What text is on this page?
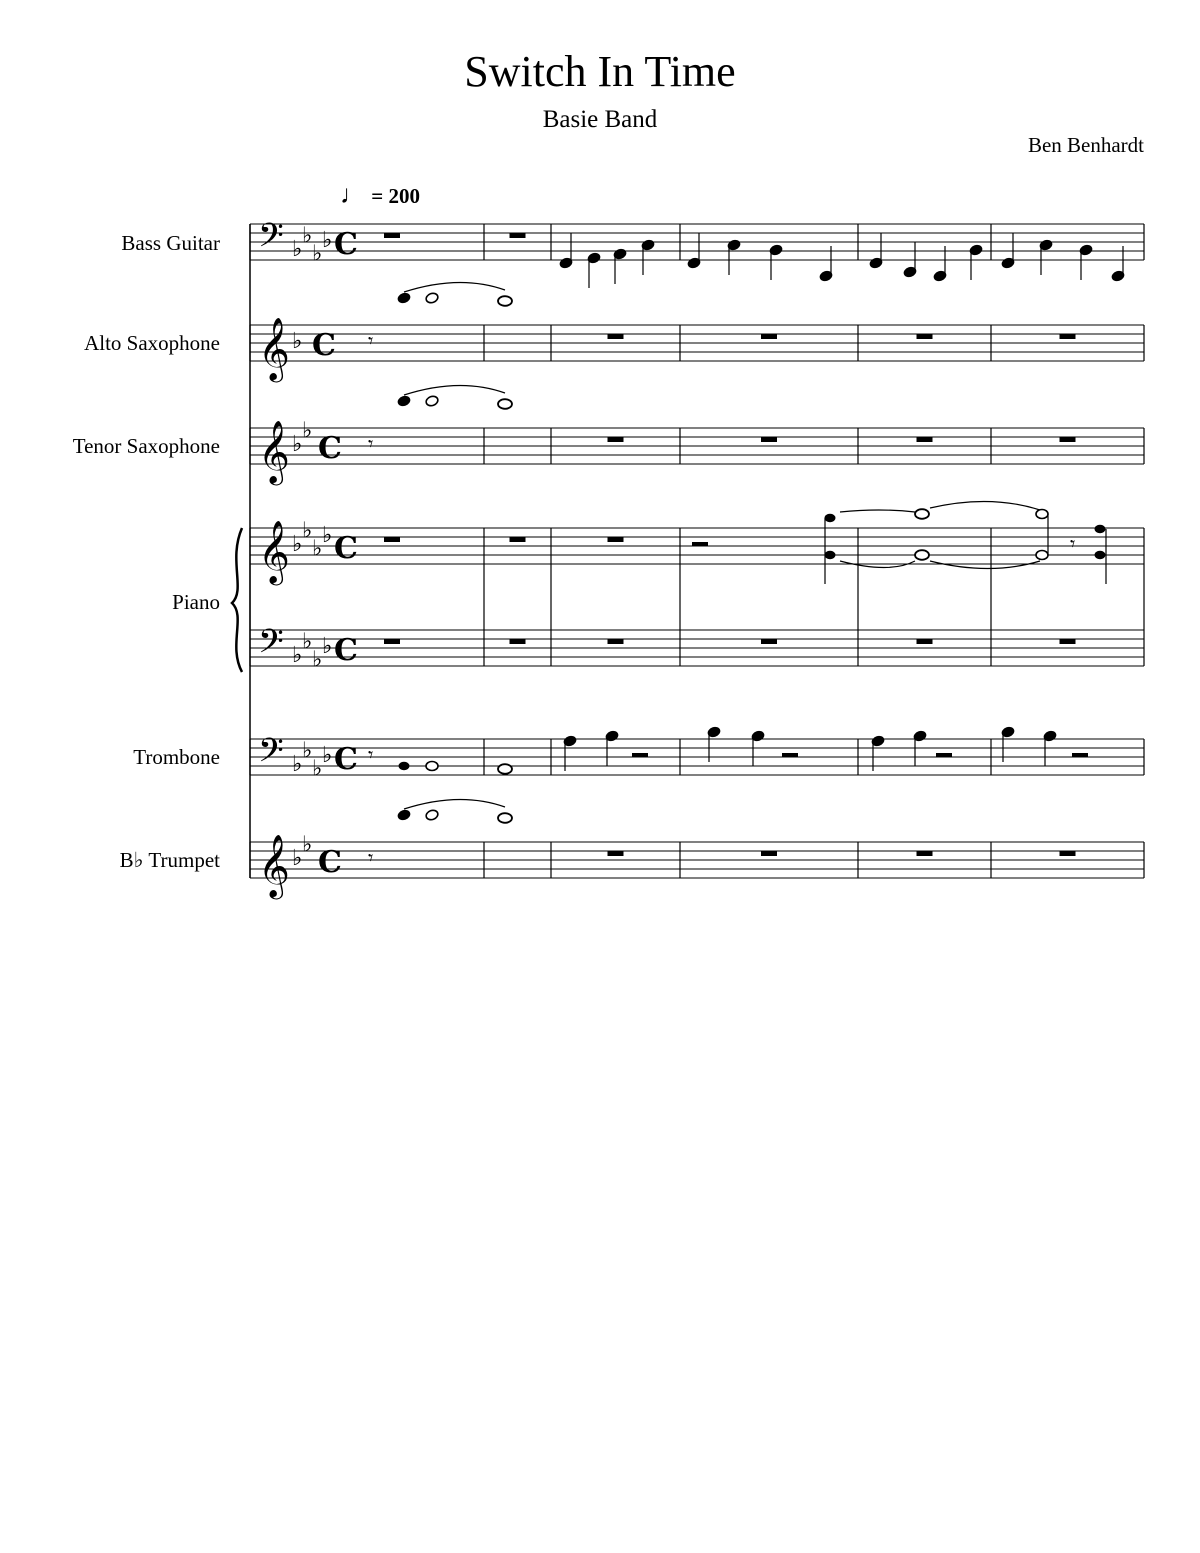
Switch In Time
Basie Band
Ben Benhardt
♩ = 200
Bass Guitar
Alto Saxophone
Tenor Saxophone
Piano
Trombone
B♭ Trumpet
𝄢 ♭
♭
♭
♭ C
𝄞 ♭ C
𝄞 ♭
♭ C
𝄞 ♭
♭
♭
♭ C
𝄢 ♭
♭
♭
♭ C
𝄢 ♭
♭
♭
♭ C
𝄞 ♭
♭ C
𝄾
𝄾
𝄾
𝄾
𝄾
